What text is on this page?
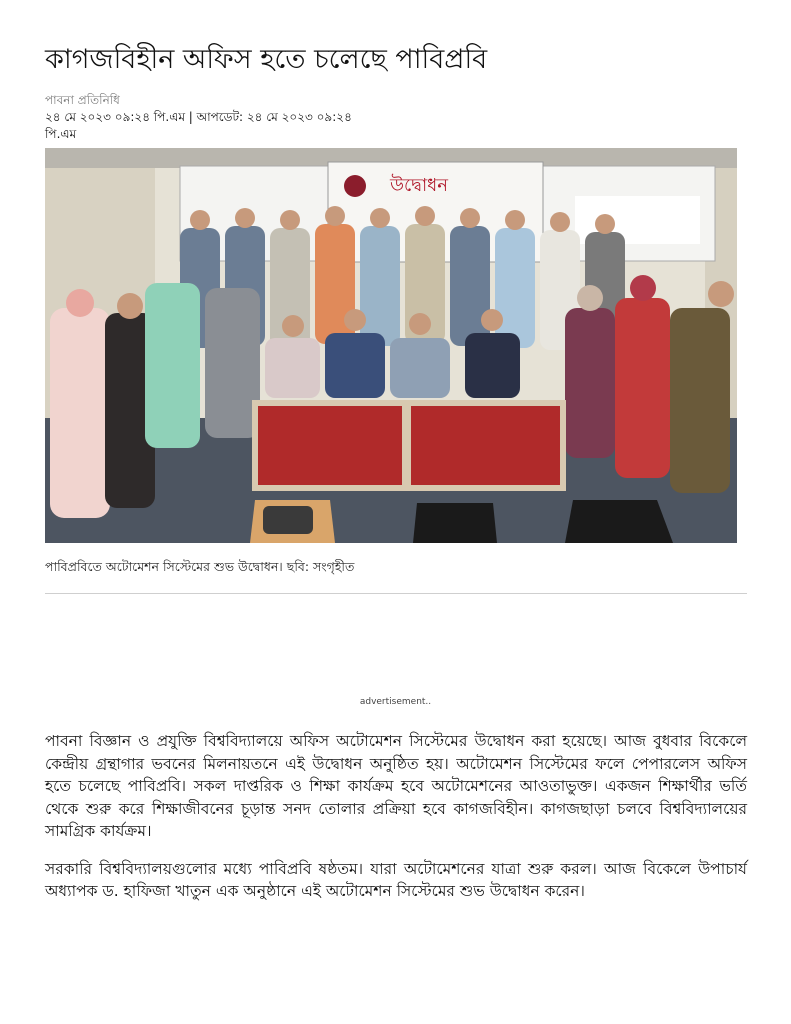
কাগজবিহীন অফিস হতে চলেছে পাবিপ্রবি
পাবনা প্রতিনিধি
২৪ মে ২০২৩ ০৯:২৪ পি.এম | আপডেট: ২৪ মে ২০২৩ ০৯:২৪ পি.এম
উদ্বোধন
পাবিপ্রবিতে অটোমেশন সিস্টেমের শুভ উদ্বোধন। ছবি: সংগৃহীত
advertisement..

পাবনা বিজ্ঞান ও প্রযুক্তি বিশ্ববিদ্যালয়ে অফিস অটোমেশন সিস্টেমের উদ্বোধন করা হয়েছে। আজ বুধবার বিকেলে কেন্দ্রীয় গ্রন্থাগার ভবনের মিলনায়তনে এই উদ্বোধন অনুষ্ঠিত হয়। অটোমেশন সিস্টেমের ফলে পেপারলেস অফিস হতে চলেছে পাবিপ্রবি। সকল দাপ্তরিক ও শিক্ষা কার্যক্রম হবে অটোমেশনের আওতাভুক্ত। একজন শিক্ষার্থীর ভর্তি থেকে শুরু করে শিক্ষাজীবনের চূড়ান্ত সনদ তোলার প্রক্রিয়া হবে কাগজবিহীন। কাগজছাড়া চলবে বিশ্ববিদ্যালয়ের সামগ্রিক কার্যক্রম।

সরকারি বিশ্ববিদ্যালয়গুলোর মধ্যে পাবিপ্রবি ষষ্ঠতম। যারা অটোমেশনের যাত্রা শুরু করল। আজ বিকেলে উপাচার্য অধ্যাপক ড. হাফিজা খাতুন এক অনুষ্ঠানে এই অটোমেশন সিস্টেমের শুভ উদ্বোধন করেন।
